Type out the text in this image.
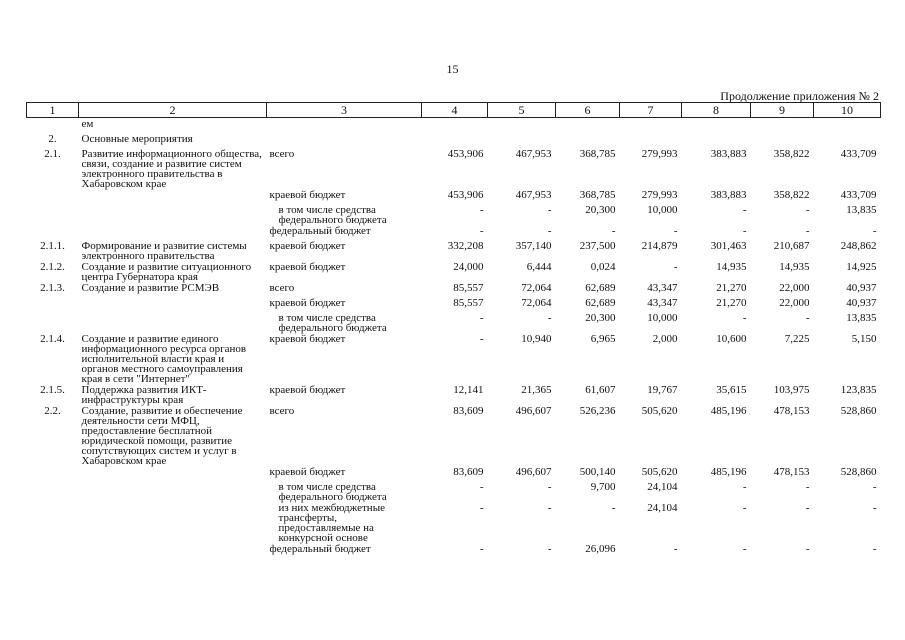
15
Продолжение приложения № 2
1	2	3	4	5	6	7	8	9	10
	ем								
2.	Основные мероприятия								
2.1.	Развитие информационного общества, связи, создание и развитие систем электронного правительства в Хабаровском крае	всего	453,906	467,953	368,785	279,993	383,883	358,822	433,709
		краевой бюджет	453,906	467,953	368,785	279,993	383,883	358,822	433,709
		в том числе средства федерального бюджета	-	-	20,300	10,000	-	-	13,835
		федеральный бюджет	-	-	-	-	-	-	-
2.1.1.	Формирование и развитие системы электронного правительства	краевой бюджет	332,208	357,140	237,500	214,879	301,463	210,687	248,862
2.1.2.	Создание и развитие ситуационного центра Губернатора края	краевой бюджет	24,000	6,444	0,024	-	14,935	14,935	14,925
2.1.3.	Создание и развитие РСМЭВ	всего	85,557	72,064	62,689	43,347	21,270	22,000	40,937
		краевой бюджет	85,557	72,064	62,689	43,347	21,270	22,000	40,937
		в том числе средства федерального бюджета	-	-	20,300	10,000	-	-	13,835
2.1.4.	Создание и развитие единого информационного ресурса органов исполнительной власти края и органов местного самоуправления края в сети "Интернет"	краевой бюджет	-	10,940	6,965	2,000	10,600	7,225	5,150
2.1.5.	Поддержка развития ИКТ-инфраструктуры края	краевой бюджет	12,141	21,365	61,607	19,767	35,615	103,975	123,835
2.2.	Создание, развитие и обеспечение деятельности сети МФЦ, предоставление бесплатной юридической помощи, развитие сопутствующих систем и услуг в Хабаровском крае	всего	83,609	496,607	526,236	505,620	485,196	478,153	528,860
		краевой бюджет	83,609	496,607	500,140	505,620	485,196	478,153	528,860
		в том числе средства федерального бюджета	-	-	9,700	24,104	-	-	-
		из них межбюджетные трансферты, предоставляемые на конкурсной основе	-	-	-	24,104	-	-	-
		федеральный бюджет	-	-	26,096	-	-	-	-
